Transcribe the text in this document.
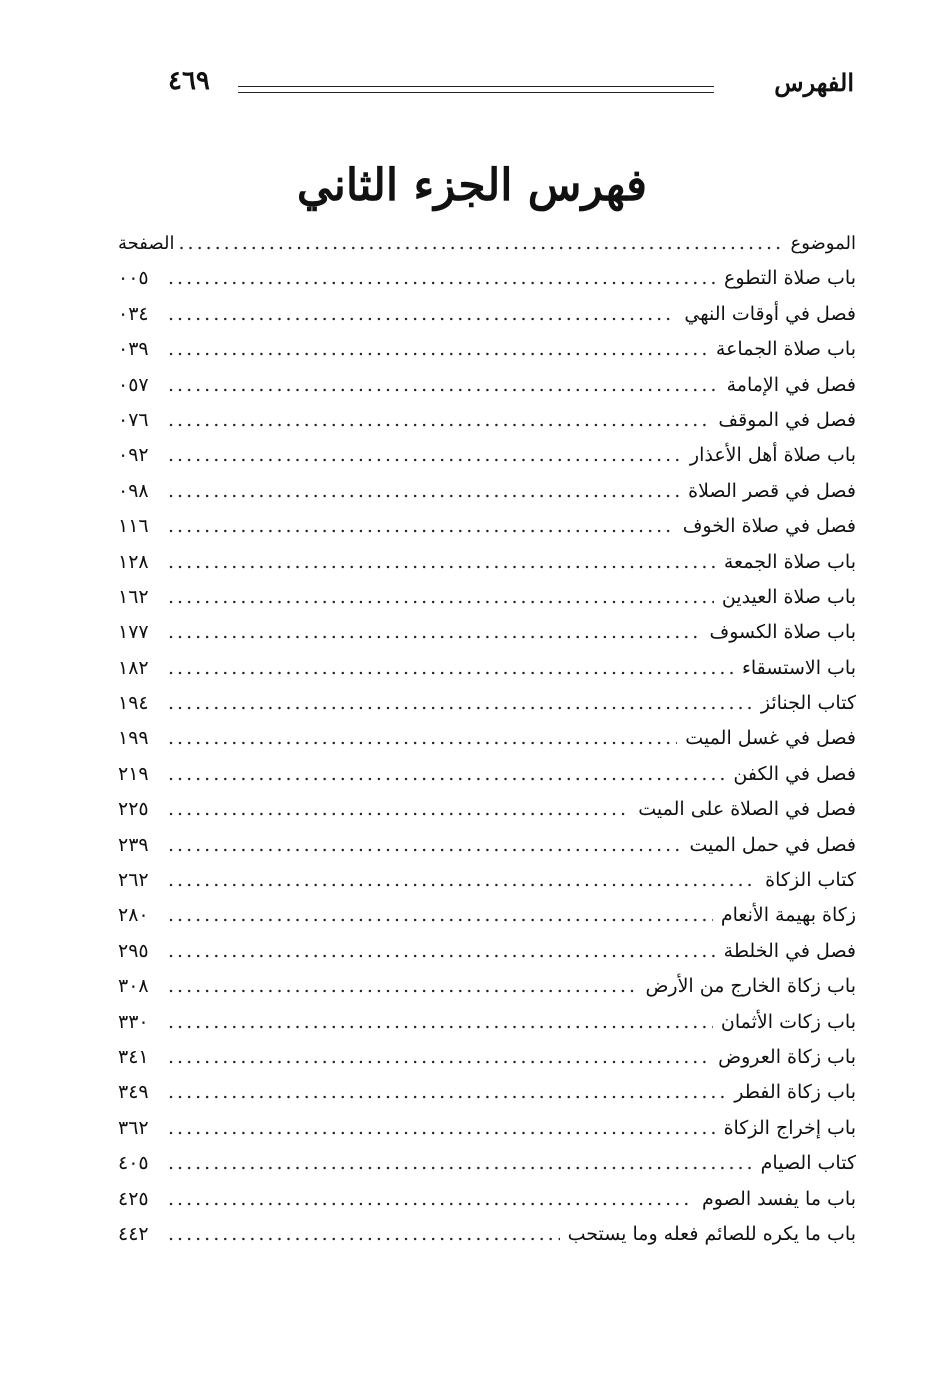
الفهرس
٤٦٩
فهرس الجزء الثاني
الموضوع
.....
الصفحة
باب صلاة التطوع
.....
٠٠٥
فصل في أوقات النهي
.....
٠٣٤
باب صلاة الجماعة
.....
٠٣٩
فصل في الإمامة
.....
٠٥٧
فصل في الموقف
.....
٠٧٦
باب صلاة أهل الأعذار
.....
٠٩٢
فصل في قصر الصلاة
.....
٠٩٨
فصل في صلاة الخوف
.....
١١٦
باب صلاة الجمعة
.....
١٢٨
باب صلاة العيدين
.....
١٦٢
باب صلاة الكسوف
.....
١٧٧
باب الاستسقاء
.....
١٨٢
كتاب الجنائز
.....
١٩٤
فصل في غسل الميت
.....
١٩٩
فصل في الكفن
.....
٢١٩
فصل في الصلاة على الميت
.....
٢٢٥
فصل في حمل الميت
.....
٢٣٩
كتاب الزكاة
.....
٢٦٢
زكاة بهيمة الأنعام
.....
٢٨٠
فصل في الخلطة
.....
٢٩٥
باب زكاة الخارج من الأرض
.....
٣٠٨
باب زكات الأثمان
.....
٣٣٠
باب زكاة العروض
.....
٣٤١
باب زكاة الفطر
.....
٣٤٩
باب إخراج الزكاة
.....
٣٦٢
كتاب الصيام
.....
٤٠٥
باب ما يفسد الصوم
.....
٤٢٥
باب ما يكره للصائم فعله وما يستحب
.....
٤٤٢
